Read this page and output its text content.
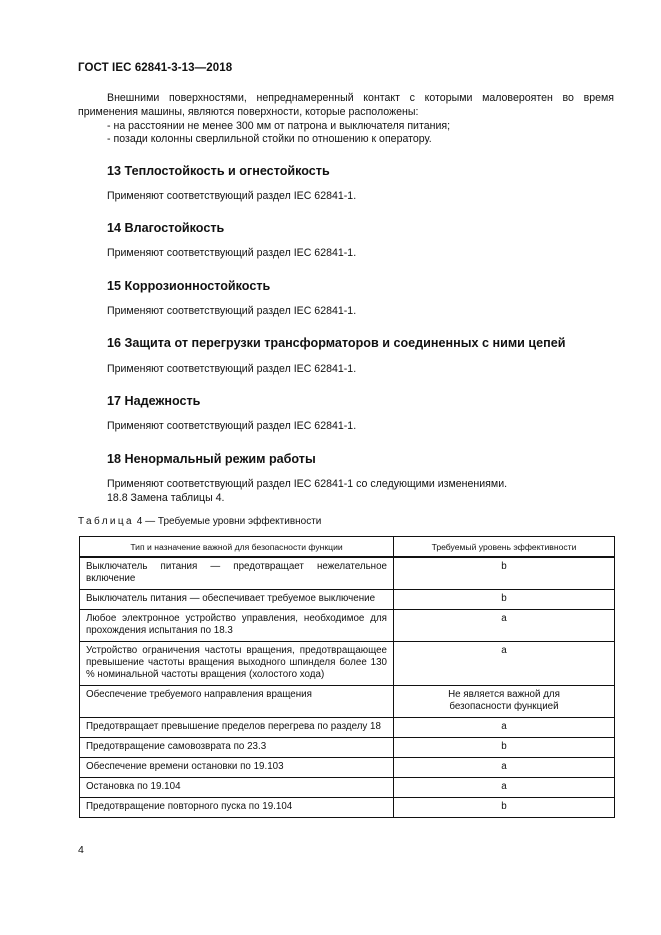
ГОСТ IEC 62841-3-13—2018
Внешними поверхностями, непреднамеренный контакт с которыми маловероятен во время применения машины, являются поверхности, которые расположены:
- на расстоянии не менее 300 мм от патрона и выключателя питания;
- позади колонны сверлильной стойки по отношению к оператору.
13 Теплостойкость и огнестойкость
Применяют соответствующий раздел IEC 62841-1.
14 Влагостойкость
Применяют соответствующий раздел IEC 62841-1.
15 Коррозионностойкость
Применяют соответствующий раздел IEC 62841-1.
16 Защита от перегрузки трансформаторов и соединенных с ними цепей
Применяют соответствующий раздел IEC 62841-1.
17 Надежность
Применяют соответствующий раздел IEC 62841-1.
18 Ненормальный режим работы
Применяют соответствующий раздел IEC 62841-1 со следующими изменениями.
18.8 Замена таблицы 4.
Таблица 4 — Требуемые уровни эффективности
Тип и назначение важной для безопасности функции	Требуемый уровень эффективности
Выключатель питания — предотвращает нежелательное включение	b
Выключатель питания — обеспечивает требуемое выключение	b
Любое электронное устройство управления, необходимое для прохождения испытания по 18.3	a
Устройство ограничения частоты вращения, предотвращающее превышение частоты вращения выходного шпинделя более 130 % номинальной частоты вращения (холостого хода)	a
Обеспечение требуемого направления вращения	Не является важной для безопасности функцией
Предотвращает превышение пределов перегрева по разделу 18	a
Предотвращение самовозврата по 23.3	b
Обеспечение времени остановки по 19.103	a
Остановка по 19.104	a
Предотвращение повторного пуска по 19.104	b
4
